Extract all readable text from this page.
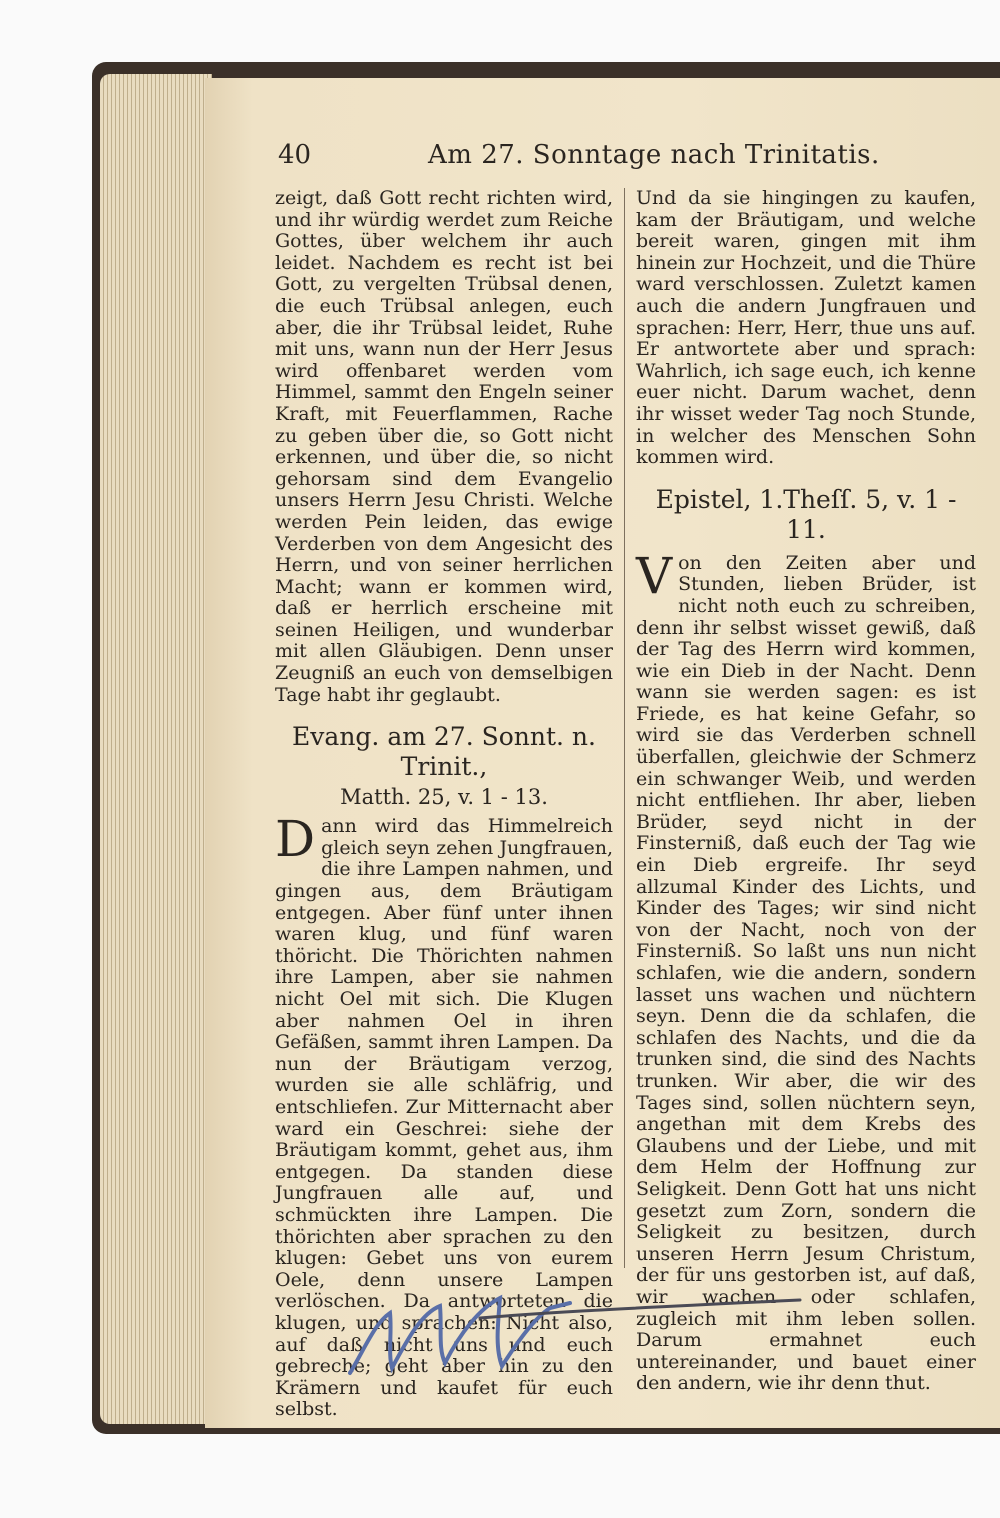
40	Am 27. Sonntage nach Trinitatis.

zeigt, daß Gott recht richten wird, und ihr würdig werdet zum Reiche Gottes, über welchem ihr auch leidet. Nachdem es recht ist bei Gott, zu vergelten Trübsal denen, die euch Trübsal anlegen, euch aber, die ihr Trübsal leidet, Ruhe mit uns, wann nun der Herr Jesus wird offenbaret werden vom Himmel, sammt den Engeln seiner Kraft, mit Feuerflammen, Rache zu geben über die, so Gott nicht erkennen, und über die, so nicht gehorsam sind dem Evangelio unsers Herrn Jesu Christi. Welche werden Pein leiden, das ewige Verderben von dem Angesicht des Herrn, und von seiner herrlichen Macht; wann er kommen wird, daß er herrlich erscheine mit seinen Heiligen, und wunderbar mit allen Gläubigen. Denn unser Zeugniß an euch von demselbigen Tage habt ihr geglaubt.

Evang. am 27. Sonnt. n. Trinit.,
Matth. 25, v. 1 - 13.

D ann wird das Himmelreich gleich seyn zehen Jungfrauen, die ihre Lampen nahmen, und gingen aus, dem Bräutigam entgegen. Aber fünf unter ihnen waren klug, und fünf waren thöricht. Die Thörichten nahmen ihre Lampen, aber sie nahmen nicht Oel mit sich. Die Klugen aber nahmen Oel in ihren Gefäßen, sammt ihren Lampen. Da nun der Bräutigam verzog, wurden sie alle schläfrig, und entschliefen. Zur Mitternacht aber ward ein Geschrei: siehe der Bräutigam kommt, gehet aus, ihm entgegen. Da standen diese Jungfrauen alle auf, und schmückten ihre Lampen. Die thörichten aber sprachen zu den klugen: Gebet uns von eurem Oele, denn unsere Lampen verlöschen. Da antworteten die klugen, und sprachen: Nicht also, auf daß nicht uns und euch gebreche; geht aber hin zu den Krämern und kaufet für euch selbst.

Und da sie hingingen zu kaufen, kam der Bräutigam, und welche bereit waren, gingen mit ihm hinein zur Hochzeit, und die Thüre ward verschlossen. Zuletzt kamen auch die andern Jungfrauen und sprachen: Herr, Herr, thue uns auf. Er antwortete aber und sprach: Wahrlich, ich sage euch, ich kenne euer nicht. Darum wachet, denn ihr wisset weder Tag noch Stunde, in welcher des Menschen Sohn kommen wird.

Epistel, 1.Theſſ. 5, v. 1 - 11.

V on den Zeiten aber und Stunden, lieben Brüder, ist nicht noth euch zu schreiben, denn ihr selbst wisset gewiß, daß der Tag des Herrn wird kommen, wie ein Dieb in der Nacht. Denn wann sie werden sagen: es ist Friede, es hat keine Gefahr, so wird sie das Verderben schnell überfallen, gleichwie der Schmerz ein schwanger Weib, und werden nicht entfliehen. Ihr aber, lieben Brüder, seyd nicht in der Finsterniß, daß euch der Tag wie ein Dieb ergreife. Ihr seyd allzumal Kinder des Lichts, und Kinder des Tages; wir sind nicht von der Nacht, noch von der Finsterniß. So laßt uns nun nicht schlafen, wie die andern, sondern lasset uns wachen und nüchtern seyn. Denn die da schlafen, die schlafen des Nachts, und die da trunken sind, die sind des Nachts trunken. Wir aber, die wir des Tages sind, sollen nüchtern seyn, angethan mit dem Krebs des Glaubens und der Liebe, und mit dem Helm der Hoffnung zur Seligkeit. Denn Gott hat uns nicht gesetzt zum Zorn, sondern die Seligkeit zu besitzen, durch unseren Herrn Jesum Christum, der für uns gestorben ist, auf daß, wir wachen oder schlafen, zugleich mit ihm leben sollen. Darum ermahnet euch untereinander, und bauet einer den andern, wie ihr denn thut.
